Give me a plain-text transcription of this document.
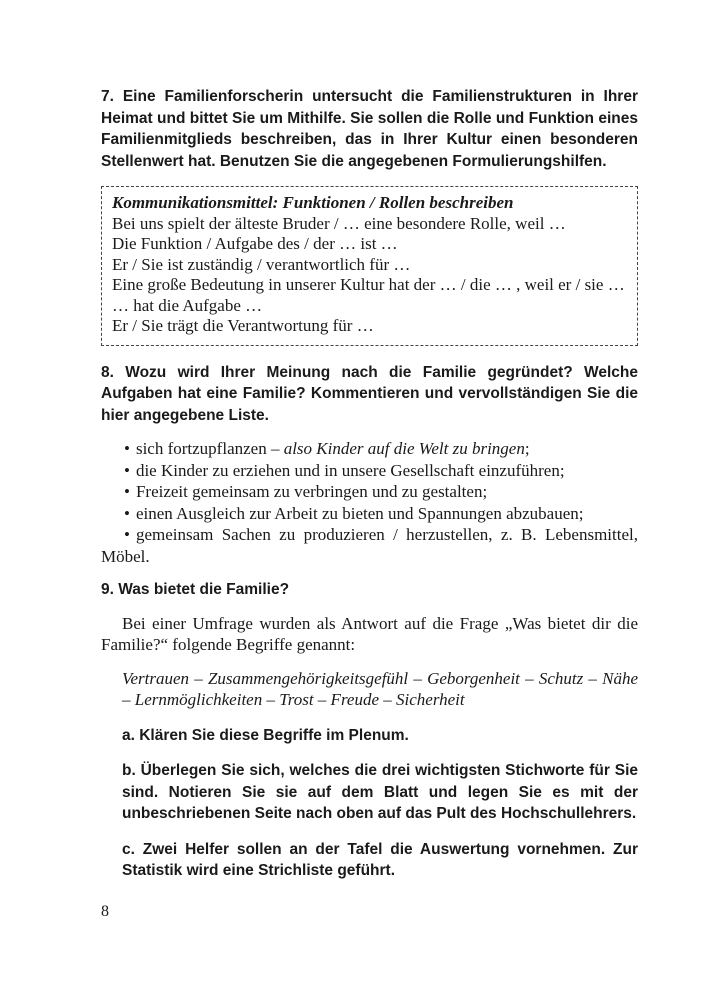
7. Eine Familienforscherin untersucht die Familienstrukturen in Ihrer Heimat und bittet Sie um Mithilfe. Sie sollen die Rolle und Funktion eines Familienmitglieds beschreiben, das in Ihrer Kultur einen besonderen Stellenwert hat. Benutzen Sie die angegebenen Formulierungshilfen.

Kommunikationsmittel: Funktionen / Rollen beschreiben
Bei uns spielt der älteste Bruder / … eine besondere Rolle, weil …
Die Funktion / Aufgabe des / der … ist …
Er / Sie ist zuständig / verantwortlich für …
Eine große Bedeutung in unserer Kultur hat der … / die … , weil er / sie …
… hat die Aufgabe …
Er / Sie trägt die Verantwortung für …

8. Wozu wird Ihrer Meinung nach die Familie gegründet? Welche Aufgaben hat eine Familie? Kommentieren und vervollständigen Sie die hier angegebene Liste.

• sich fortzupflanzen – also Kinder auf die Welt zu bringen;
• die Kinder zu erziehen und in unsere Gesellschaft einzuführen;
• Freizeit gemeinsam zu verbringen und zu gestalten;
• einen Ausgleich zur Arbeit zu bieten und Spannungen abzubauen;
• gemeinsam Sachen zu produzieren / herzustellen, z. B. Lebensmittel, Möbel.

9. Was bietet die Familie?

Bei einer Umfrage wurden als Antwort auf die Frage „Was bietet dir die Familie?“ folgende Begriffe genannt:

Vertrauen – Zusammengehörigkeitsgefühl – Geborgenheit – Schutz – Nähe – Lernmöglichkeiten – Trost – Freude – Sicherheit

a. Klären Sie diese Begriffe im Plenum.

b. Überlegen Sie sich, welches die drei wichtigsten Stichworte für Sie sind. Notieren Sie sie auf dem Blatt und legen Sie es mit der unbeschriebenen Seite nach oben auf das Pult des Hochschullehrers.

c. Zwei Helfer sollen an der Tafel die Auswertung vornehmen. Zur Statistik wird eine Strichliste geführt.

8
